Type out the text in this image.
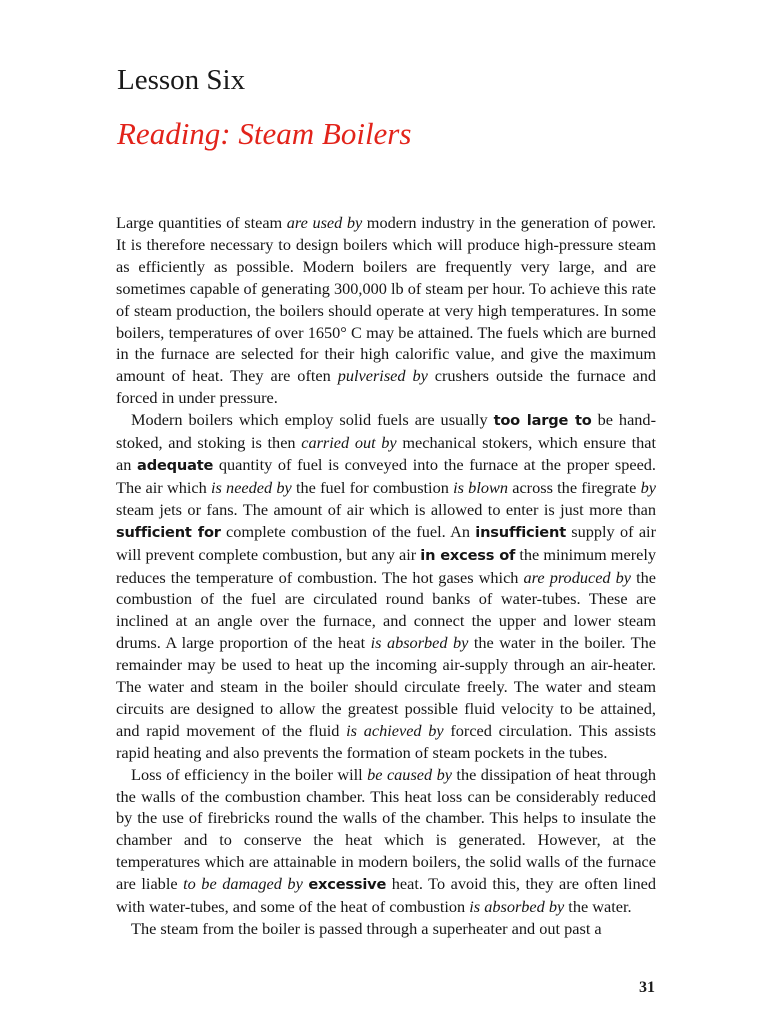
Lesson Six
Reading: Steam Boilers

Large quantities of steam are used by modern industry in the generation of power. It is therefore necessary to design boilers which will produce high-pressure steam as efficiently as possible. Modern boilers are frequently very large, and are sometimes capable of generating 300,000 lb of steam per hour. To achieve this rate of steam production, the boilers should operate at very high temperatures. In some boilers, temperatures of over 1650° C may be attained. The fuels which are burned in the furnace are selected for their high calorific value, and give the maximum amount of heat. They are often pulverised by crushers outside the furnace and forced in under pressure.

Modern boilers which employ solid fuels are usually too large to be hand-stoked, and stoking is then carried out by mechanical stokers, which ensure that an adequate quantity of fuel is conveyed into the furnace at the proper speed. The air which is needed by the fuel for combustion is blown across the firegrate by steam jets or fans. The amount of air which is allowed to enter is just more than sufficient for complete combustion of the fuel. An insufficient supply of air will prevent complete combustion, but any air in excess of the minimum merely reduces the temperature of combustion. The hot gases which are produced by the combustion of the fuel are circulated round banks of water-tubes. These are inclined at an angle over the furnace, and connect the upper and lower steam drums. A large proportion of the heat is absorbed by the water in the boiler. The remainder may be used to heat up the incoming air-supply through an air-heater. The water and steam in the boiler should circulate freely. The water and steam circuits are designed to allow the greatest possible fluid velocity to be attained, and rapid movement of the fluid is achieved by forced circulation. This assists rapid heating and also prevents the formation of steam pockets in the tubes.

Loss of efficiency in the boiler will be caused by the dissipation of heat through the walls of the combustion chamber. This heat loss can be considerably reduced by the use of firebricks round the walls of the chamber. This helps to insulate the chamber and to conserve the heat which is generated. However, at the temperatures which are attainable in modern boilers, the solid walls of the furnace are liable to be damaged by excessive heat. To avoid this, they are often lined with water-tubes, and some of the heat of combustion is absorbed by the water.

The steam from the boiler is passed through a superheater and out past a

31
